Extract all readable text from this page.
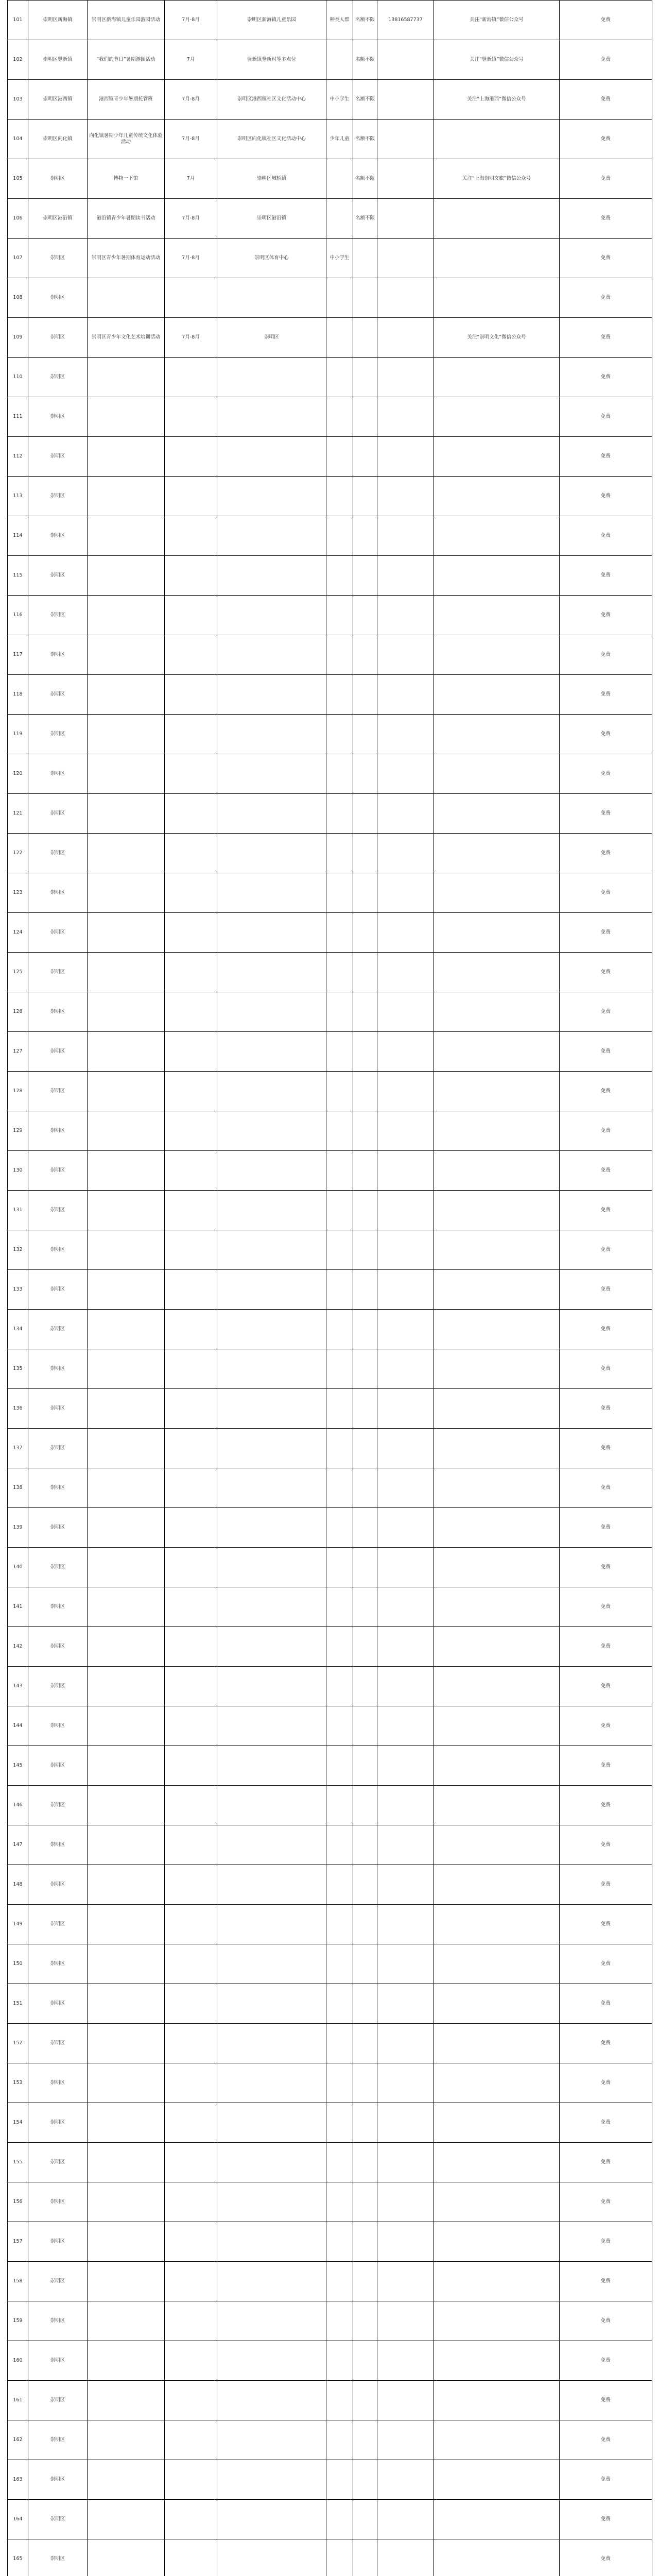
101	崇明区新海镇	崇明区新海镇儿童乐园游园活动	7月-8月	崇明区新海镇儿童乐园	种类人群	名额不限	13816587737	关注“新海镇”微信公众号	免费
102	崇明区竖新镇	“我们的节日”暑期游园活动	7月	竖新镇竖新村等多点位		名额不限		关注“竖新镇”微信公众号	免费
103	崇明区港西镇	港西镇青少年暑期托管班	7月-8月	崇明区港西镇社区文化活动中心	中小学生	名额不限		关注“上海港西”微信公众号	免费
104	崇明区向化镇	向化镇暑期少年儿童传统文化体验活动	7月-8月	崇明区向化镇社区文化活动中心	少年儿童	名额不限			免费
105	崇明区	博物一下馆	7月	崇明区城桥镇		名额不限		关注“上海崇明文旅”微信公众号	免费
106	崇明区港沿镇	港沿镇青少年暑期读书活动	7月-8月	崇明区港沿镇		名额不限			免费
107	崇明区	崇明区青少年暑期体育运动活动	7月-8月	崇明区体育中心	中小学生				免费
108	崇明区								免费
109	崇明区	崇明区青少年文化艺术培训活动	7月-8月	崇明区				关注“崇明文化”微信公众号	免费
110	崇明区								免费
111	崇明区								免费
112	崇明区								免费
113	崇明区								免费
114	崇明区								免费
115	崇明区								免费
116	崇明区								免费
117	崇明区								免费
118	崇明区								免费
119	崇明区								免费
120	崇明区								免费
121	崇明区								免费
122	崇明区								免费
123	崇明区								免费
124	崇明区								免费
125	崇明区								免费
126	崇明区								免费
127	崇明区								免费
128	崇明区								免费
129	崇明区								免费
130	崇明区								免费
131	崇明区								免费
132	崇明区								免费
133	崇明区								免费
134	崇明区								免费
135	崇明区								免费
136	崇明区								免费
137	崇明区								免费
138	崇明区								免费
139	崇明区								免费
140	崇明区								免费
141	崇明区								免费
142	崇明区								免费
143	崇明区								免费
144	崇明区								免费
145	崇明区								免费
146	崇明区								免费
147	崇明区								免费
148	崇明区								免费
149	崇明区								免费
150	崇明区								免费
151	崇明区								免费
152	崇明区								免费
153	崇明区								免费
154	崇明区								免费
155	崇明区								免费
156	崇明区								免费
157	崇明区								免费
158	崇明区								免费
159	崇明区								免费
160	崇明区								免费
161	崇明区								免费
162	崇明区								免费
163	崇明区								免费
164	崇明区								免费
165	崇明区								免费
